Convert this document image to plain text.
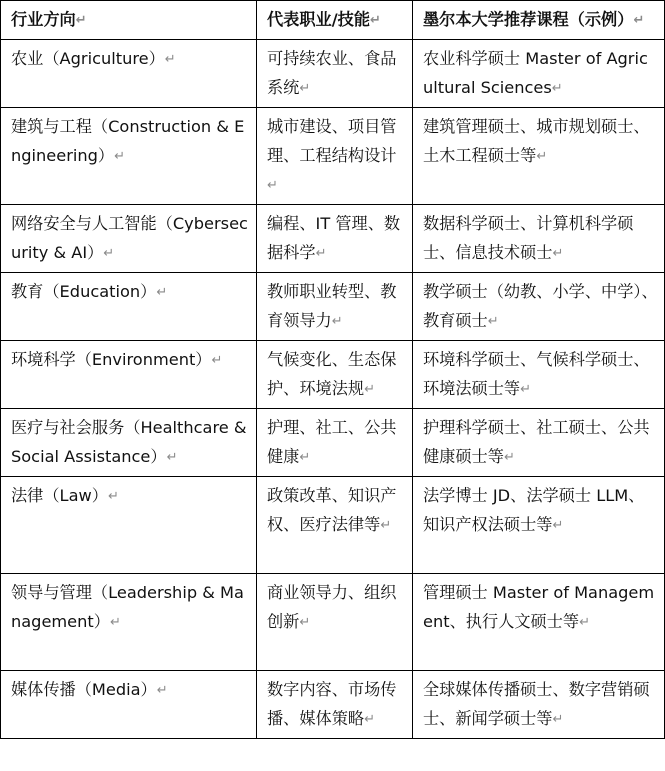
行业方向↵	代表职业/技能↵	墨尔本大学推荐课程（示例）↵
农业（Agriculture）↵	可持续农业、食品系统↵	农业科学硕士 Master of Agricultural Sciences↵
建筑与工程（Construction & Engineering）↵	城市建设、项目管理、工程结构设计↵	建筑管理硕士、城市规划硕士、土木工程硕士等↵
网络安全与人工智能（Cybersecurity & AI）↵	编程、IT 管理、数据科学↵	数据科学硕士、计算机科学硕士、信息技术硕士↵
教育（Education）↵	教师职业转型、教育领导力↵	教学硕士（幼教、小学、中学）、教育硕士↵
环境科学（Environment）↵	气候变化、生态保护、环境法规↵	环境科学硕士、气候科学硕士、环境法硕士等↵
医疗与社会服务（Healthcare & Social Assistance）↵	护理、社工、公共健康↵	护理科学硕士、社工硕士、公共健康硕士等↵
法律（Law）↵	政策改革、知识产权、医疗法律等↵	法学博士 JD、法学硕士 LLM、知识产权法硕士等↵
领导与管理（Leadership & Management）↵	商业领导力、组织创新↵	管理硕士 Master of Management、执行人文硕士等↵
媒体传播（Media）↵	数字内容、市场传播、媒体策略↵	全球媒体传播硕士、数字营销硕士、新闻学硕士等↵
